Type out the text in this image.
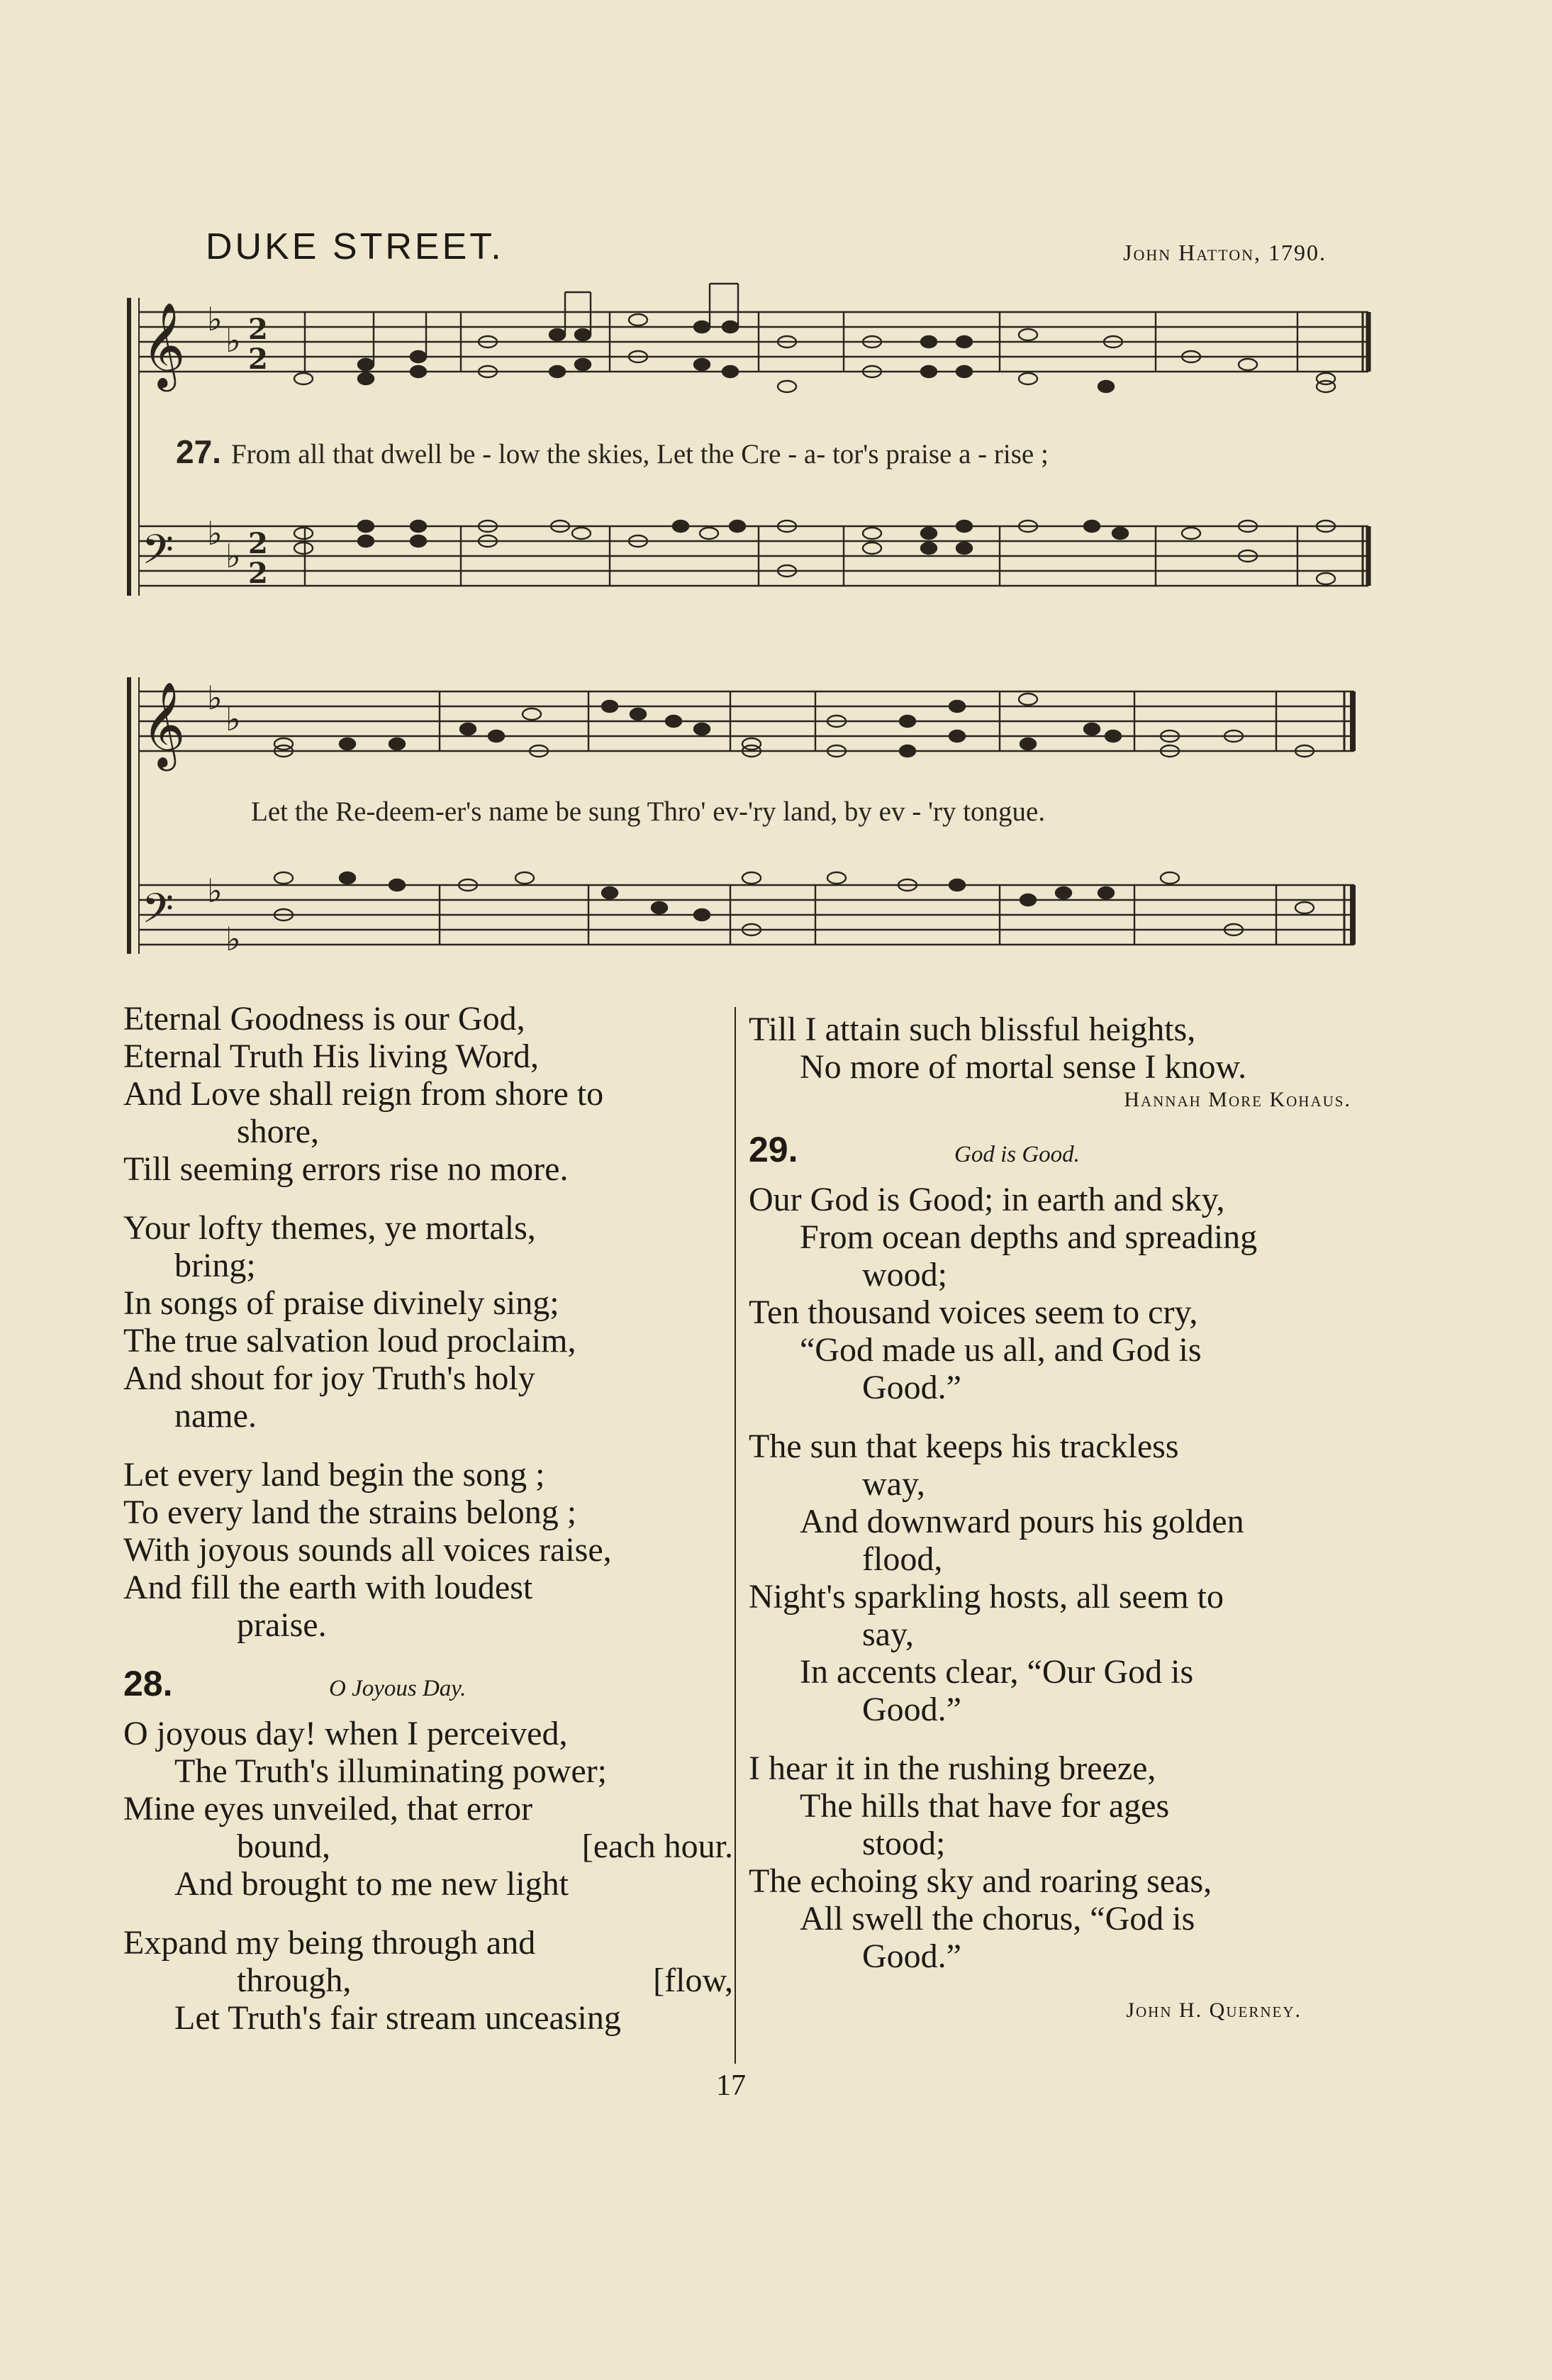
DUKE STREET.	John Hatton, 1790.
𝄞
𝄢
♭
♭
♭
♭
2
2
2
2
𝄞
𝄢
♭
♭
♭
♭
27. From all that dwell be - low the skies, Let the Cre - a- tor's praise a - rise ;
Let the Re-deem-er's name be sung Thro' ev-'ry land, by ev - 'ry tongue.
Eternal Goodness is our God,
Eternal Truth His living Word,
And Love shall reign from shore to
shore,
Till seeming errors rise no more.
Your lofty themes, ye mortals,
bring;
In songs of praise divinely sing;
The true salvation loud proclaim,
And shout for joy Truth's holy
name.
Let every land begin the song ;
To every land the strains belong ;
With joyous sounds all voices raise,
And fill the earth with loudest
praise.
28.	O Joyous Day.
O joyous day! when I perceived,
The Truth's illuminating power;
Mine eyes unveiled, that error
bound,	[each hour.
And brought to me new light
Expand my being through and
through,	[flow,
Let Truth's fair stream unceasing
Till I attain such blissful heights,
No more of mortal sense I know.
Hannah More Kohaus.
29.	God is Good.
Our God is Good; in earth and sky,
From ocean depths and spreading
wood;
Ten thousand voices seem to cry,
“God made us all, and God is
Good.”
The sun that keeps his trackless
way,
And downward pours his golden
flood,
Night's sparkling hosts, all seem to
say,
In accents clear, “Our God is
Good.”
I hear it in the rushing breeze,
The hills that have for ages
stood;
The echoing sky and roaring seas,
All swell the chorus, “God is
Good.”
John H. Querney.
17
